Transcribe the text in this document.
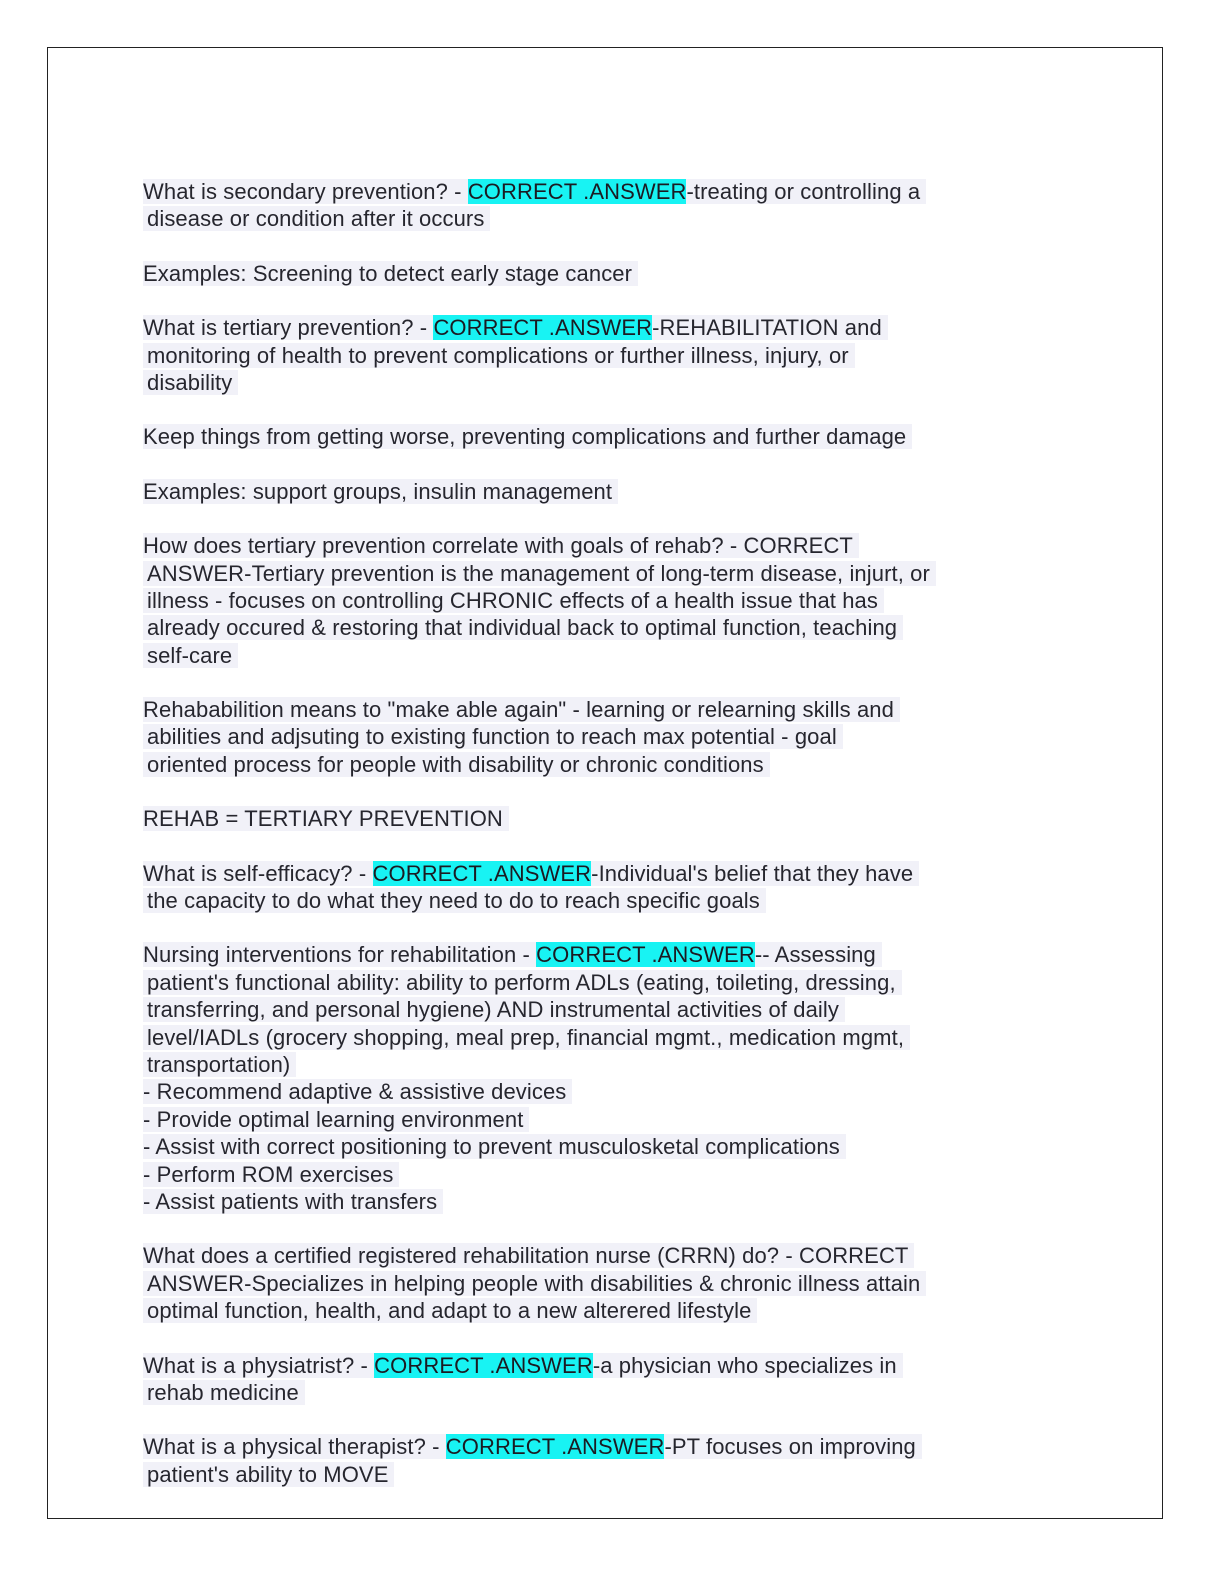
What is secondary prevention? - CORRECT .ANSWER-treating or controlling a
disease or condition after it occurs
Examples: Screening to detect early stage cancer
What is tertiary prevention? - CORRECT .ANSWER-REHABILITATION and
monitoring of health to prevent complications or further illness, injury, or
disability
Keep things from getting worse, preventing complications and further damage
Examples: support groups, insulin management
How does tertiary prevention correlate with goals of rehab? - CORRECT
ANSWER-Tertiary prevention is the management of long-term disease, injurt, or
illness - focuses on controlling CHRONIC effects of a health issue that has
already occured & restoring that individual back to optimal function, teaching
self-care
Rehababilition means to "make able again" - learning or relearning skills and
abilities and adjsuting to existing function to reach max potential - goal
oriented process for people with disability or chronic conditions
REHAB = TERTIARY PREVENTION
What is self-efficacy? - CORRECT .ANSWER-Individual's belief that they have
the capacity to do what they need to do to reach specific goals
Nursing interventions for rehabilitation - CORRECT .ANSWER-- Assessing
patient's functional ability: ability to perform ADLs (eating, toileting, dressing,
transferring, and personal hygiene) AND instrumental activities of daily
level/IADLs (grocery shopping, meal prep, financial mgmt., medication mgmt,
transportation)
- Recommend adaptive & assistive devices
- Provide optimal learning environment
- Assist with correct positioning to prevent musculosketal complications
- Perform ROM exercises
- Assist patients with transfers
What does a certified registered rehabilitation nurse (CRRN) do? - CORRECT
ANSWER-Specializes in helping people with disabilities & chronic illness attain
optimal function, health, and adapt to a new alterered lifestyle
What is a physiatrist? - CORRECT .ANSWER-a physician who specializes in
rehab medicine
What is a physical therapist? - CORRECT .ANSWER-PT focuses on improving
patient's ability to MOVE
